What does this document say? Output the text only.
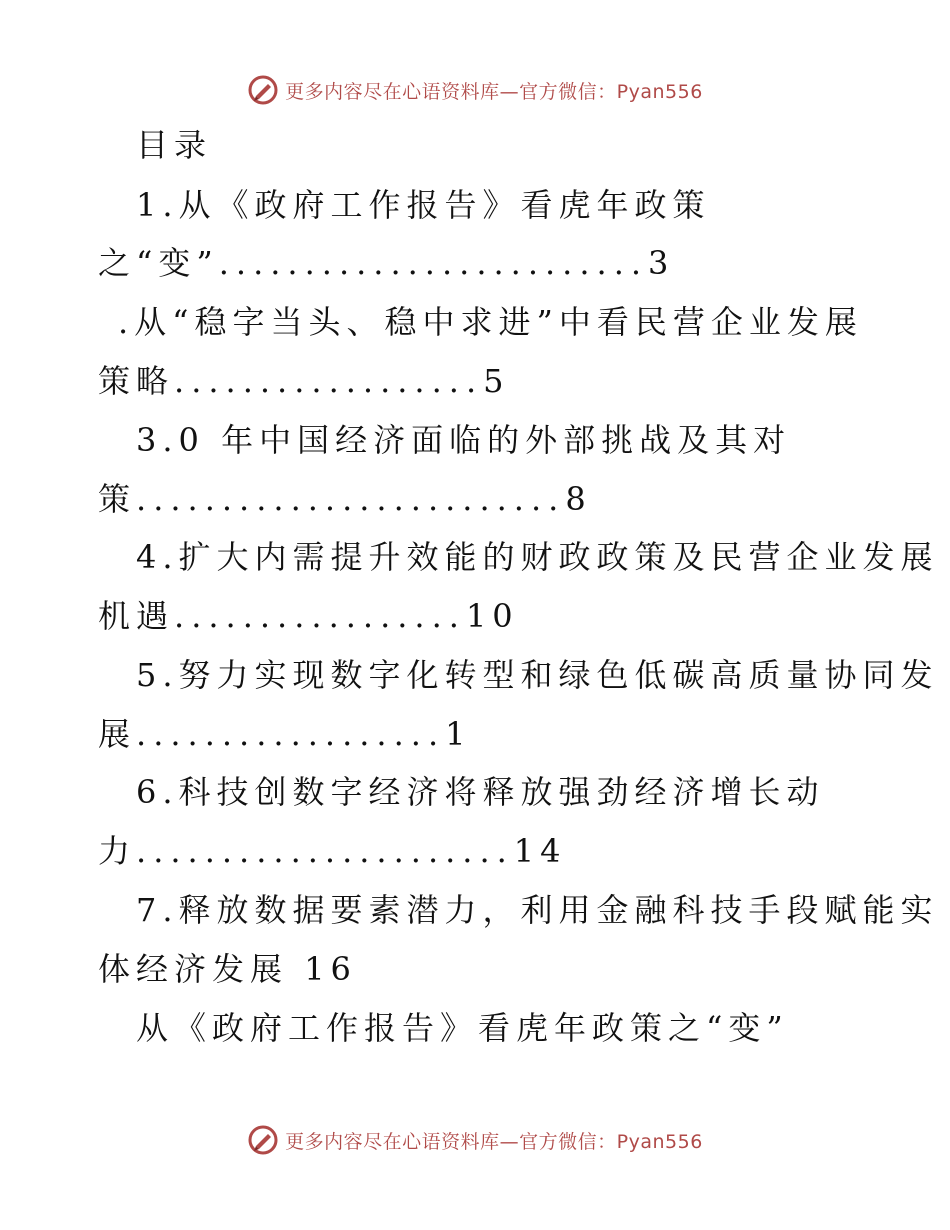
更多内容尽在心语资料库—官方微信：Pyan556
目录
1.从《政府工作报告》看虎年政策
之“变”.........................3
.从“稳字当头、稳中求进”中看民营企业发展
策略..................5
3.0 年中国经济面临的外部挑战及其对
策.........................8
4.扩大内需提升效能的财政政策及民营企业发展
机遇.................10
5.努力实现数字化转型和绿色低碳高质量协同发
展..................1
6.科技创数字经济将释放强劲经济增长动
力......................14
7.释放数据要素潜力，利用金融科技手段赋能实
体经济发展 16
从《政府工作报告》看虎年政策之“变”
更多内容尽在心语资料库—官方微信：Pyan556
